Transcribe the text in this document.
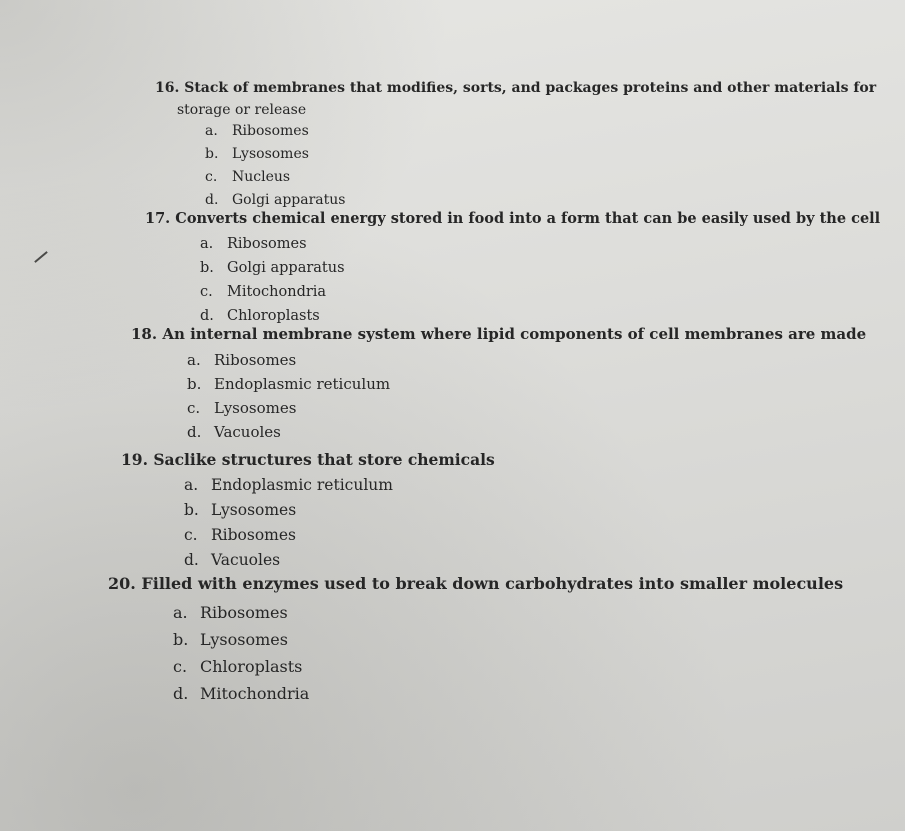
16. Stack of membranes that modifies, sorts, and packages proteins and other materials for
storage or release
a. Ribosomes
b. Lysosomes
c. Nucleus
d. Golgi apparatus
17. Converts chemical energy stored in food into a form that can be easily used by the cell
a. Ribosomes
b. Golgi apparatus
c. Mitochondria
d. Chloroplasts
18. An internal membrane system where lipid components of cell membranes are made
a. Ribosomes
b. Endoplasmic reticulum
c. Lysosomes
d. Vacuoles
19. Saclike structures that store chemicals
a. Endoplasmic reticulum
b. Lysosomes
c. Ribosomes
d. Vacuoles
20. Filled with enzymes used to break down carbohydrates into smaller molecules
a. Ribosomes
b. Lysosomes
c. Chloroplasts
d. Mitochondria
